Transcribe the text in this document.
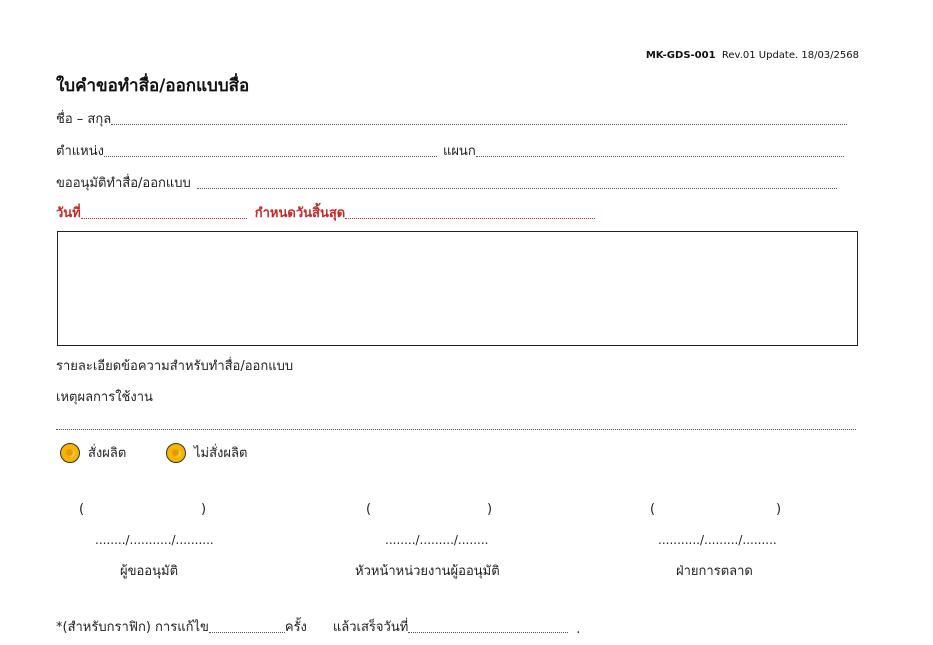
MK-GDS-001 Rev.01 Update. 18/03/2568
ใบคำขอทำสื่อ/ออกแบบสื่อ
ชื่อ – สกุล
ตำแหน่ง	แผนก
ขออนุมัติทำสื่อ/ออกแบบ
วันที่	กำหนดวันสิ้นสุด
รายละเอียดข้อความสำหรับทำสื่อ/ออกแบบ
เหตุผลการใช้งาน
สั่งผลิต	ไม่สั่งผลิต
(	)	(	)	(	)
......../.........../..........	......../........./........	.........../........./.........
ผู้ขออนุมัติ	หัวหน้าหน่วยงานผู้ออนุมัติ	ฝ่ายการตลาด
*(สำหรับกราฟิก) การแก้ไข	ครั้ง แล้วเสร็จวันที่	.
